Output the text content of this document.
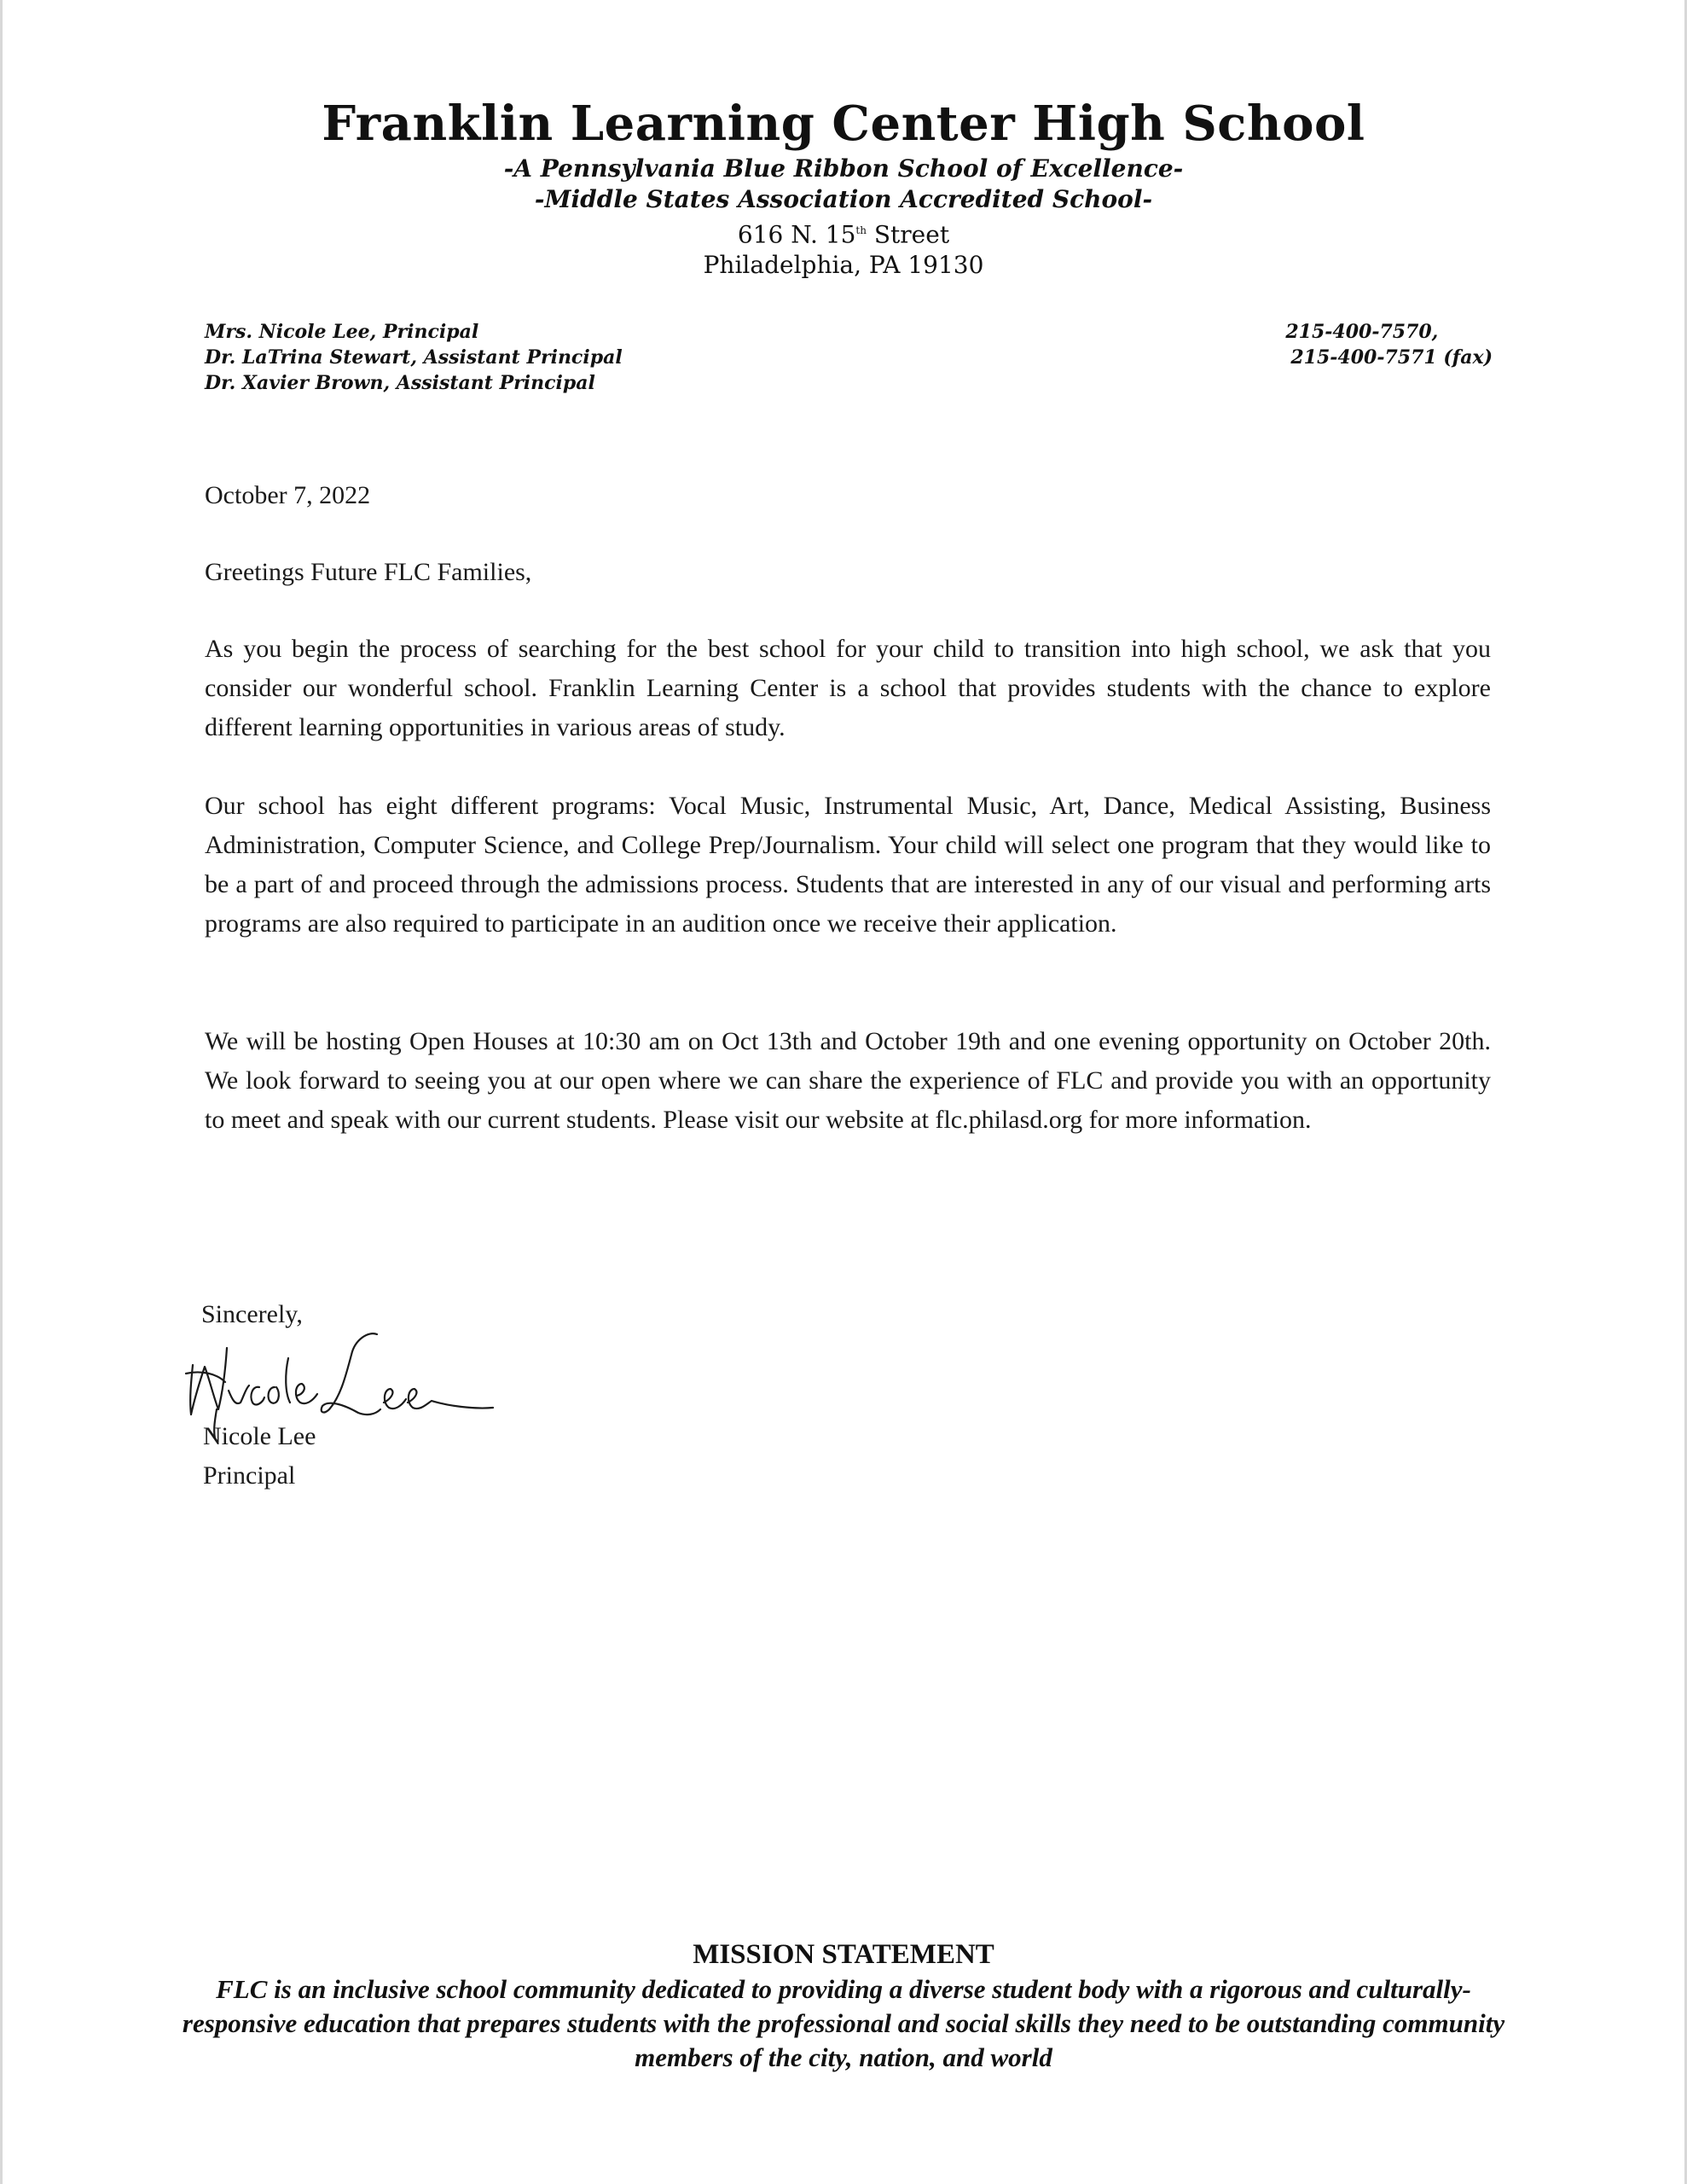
Franklin Learning Center High School

-A Pennsylvania Blue Ribbon School of Excellence-

-Middle States Association Accredited School-

616 N. 15th Street

Philadelphia, PA 19130

Mrs. Nicole Lee, Principal
Dr. LaTrina Stewart, Assistant Principal
Dr. Xavier Brown, Assistant Principal
215-400-7570,
215-400-7571 (fax)
October 7, 2022
Greetings Future FLC Families,

As you begin the process of searching for the best school for your child to transition into high school, we ask that you consider our wonderful school. Franklin Learning Center is a school that provides students with the chance to explore different learning opportunities in various areas of study.

Our school has eight different programs: Vocal Music, Instrumental Music, Art, Dance, Medical Assisting, Business Administration, Computer Science, and College Prep/Journalism. Your child will select one program that they would like to be a part of and proceed through the admissions process. Students that are interested in any of our visual and performing arts programs are also required to participate in an audition once we receive their application.

We will be hosting Open Houses at 10:30 am on Oct 13th and October 19th and one evening opportunity on October 20th. We look forward to seeing you at our open where we can share the experience of FLC and provide you with an opportunity to meet and speak with our current students. Please visit our website at flc.philasd.org for more information.

Sincerely,
Nicole Lee
Nicole Lee
Principal

MISSION STATEMENT

FLC is an inclusive school community dedicated to providing a diverse student body with a rigorous and culturally-responsive education that prepares students with the professional and social skills they need to be outstanding community members of the city, nation, and world
